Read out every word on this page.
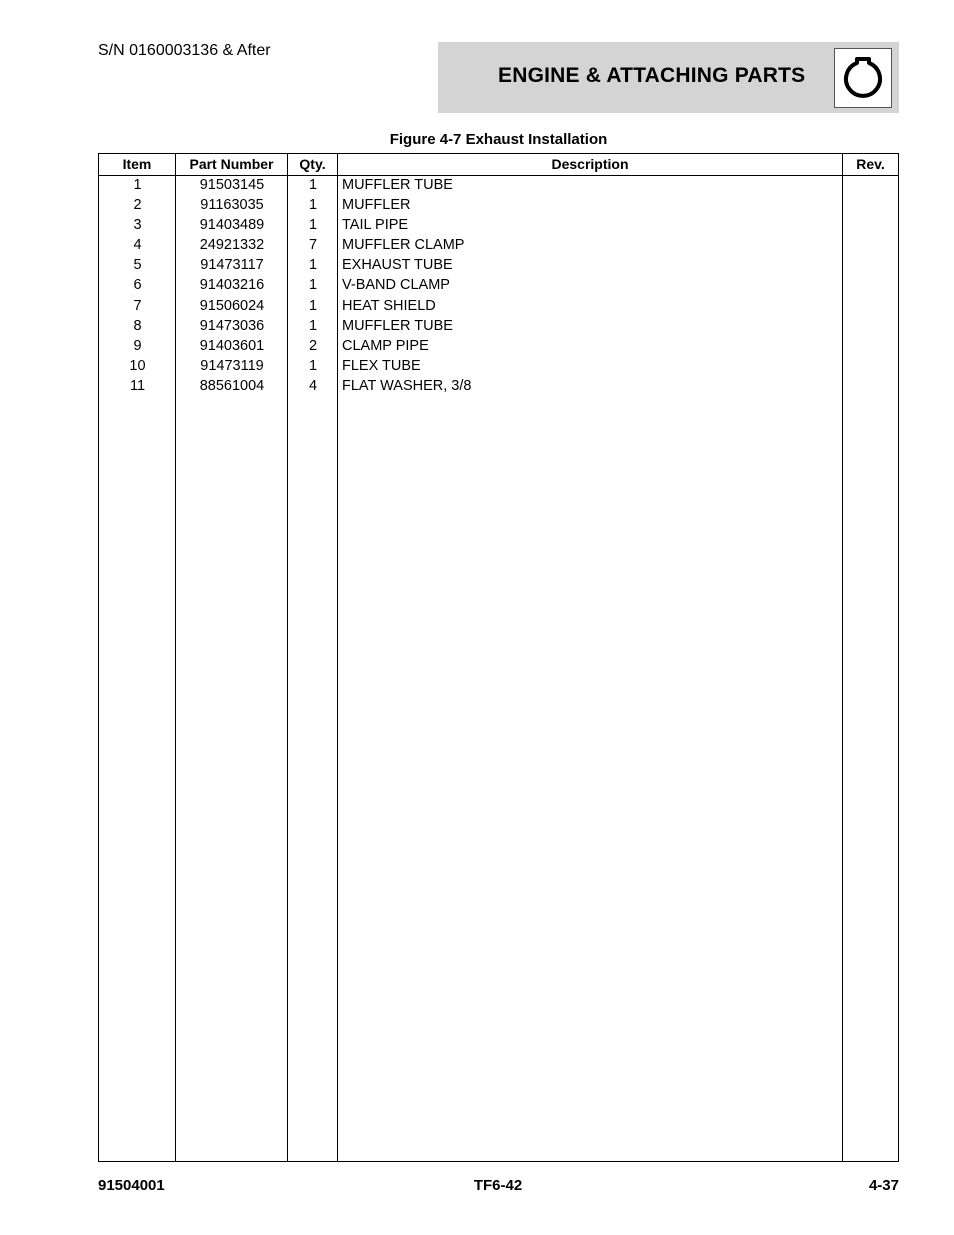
S/N 0160003136 & After
ENGINE & ATTACHING PARTS
Figure 4-7 Exhaust Installation
Item	Part Number	Qty.	Description	Rev.
1	91503145	1	MUFFLER TUBE
2	91163035	1	MUFFLER
3	91403489	1	TAIL PIPE
4	24921332	7	MUFFLER CLAMP
5	91473117	1	EXHAUST TUBE
6	91403216	1	V-BAND CLAMP
7	91506024	1	HEAT SHIELD
8	91473036	1	MUFFLER TUBE
9	91403601	2	CLAMP PIPE
10	91473119	1	FLEX TUBE
11	88561004	4	FLAT WASHER, 3/8
91504001	TF6-42	4-37
